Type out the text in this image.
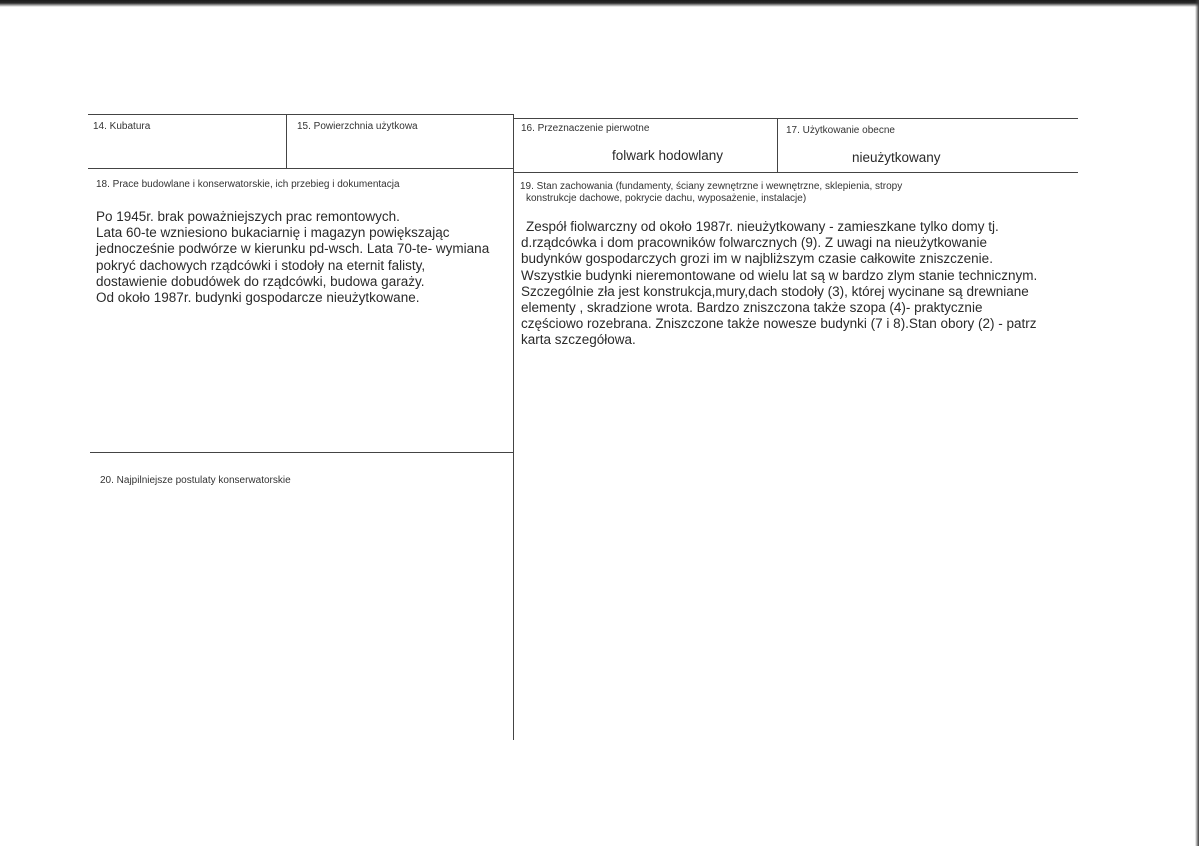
14. Kubatura	15. Powierzchnia użytkowa	16. Przeznaczenie pierwotne
folwark hodowlany
17. Użytkowanie obecne
nieużytkowany
18. Prace budowlane i konserwatorskie, ich przebieg i dokumentacja
Po 1945r. brak poważniejszych prac remontowych.
Lata 60-te wzniesiono bukaciarnię i magazyn powiększając
jednocześnie podwórze w kierunku pd-wsch. Lata 70-te- wymiana
pokryć dachowych rządcówki i stodoły na eternit falisty,
dostawienie dobudówek do rządcówki, budowa garaży.
Od około 1987r. budynki gospodarcze nieużytkowane.
19. Stan zachowania (fundamenty, ściany zewnętrzne i wewnętrzne, sklepienia, stropy
konstrukcje dachowe, pokrycie dachu, wyposażenie, instalacje)
Zespół fiolwarczny od około 1987r. nieużytkowany - zamieszkane tylko domy tj.
d.rządcówka i dom pracowników folwarcznych (9). Z uwagi na nieużytkowanie
budynków gospodarczych grozi im w najbliższym czasie całkowite zniszczenie.
Wszystkie budynki nieremontowane od wielu lat są w bardzo zlym stanie technicznym.
Szczególnie zła jest konstrukcja,mury,dach stodoły (3), której wycinane są drewniane
elementy , skradzione wrota. Bardzo zniszczona także szopa (4)- praktycznie
częściowo rozebrana. Zniszczone także nowesze budynki (7 i 8).Stan obory (2) - patrz
karta szczegółowa.
20. Najpilniejsze postulaty konserwatorskie
